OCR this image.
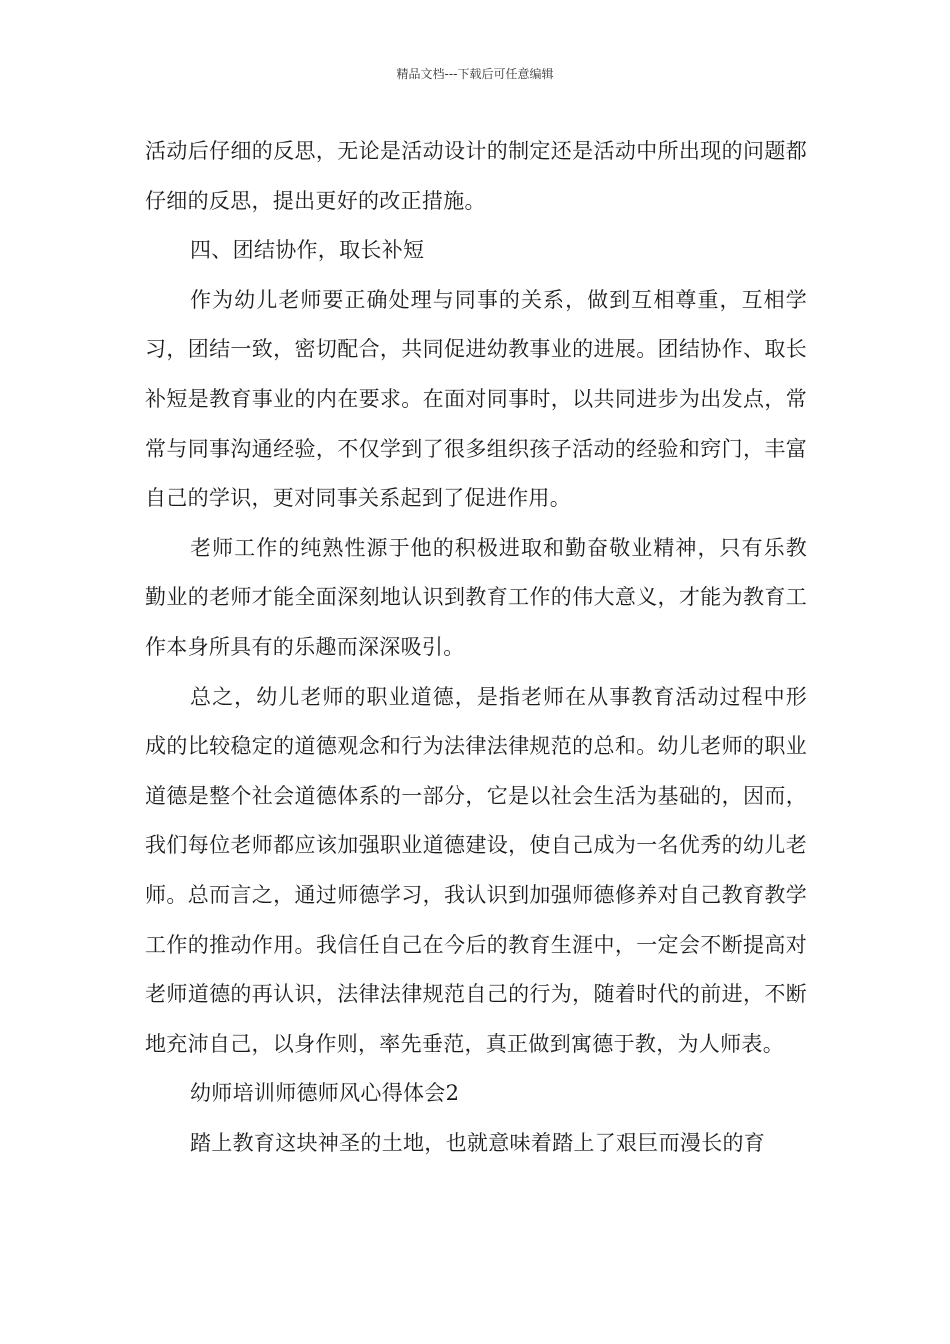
精品文档---下载后可任意编辑

活动后仔细的反思，无论是活动设计的制定还是活动中所出现的问题都仔细的反思，提出更好的改正措施。

四、团结协作，取长补短

作为幼儿老师要正确处理与同事的关系，做到互相尊重，互相学习，团结一致，密切配合，共同促进幼教事业的进展。团结协作、取长补短是教育事业的内在要求。在面对同事时，以共同进步为出发点，常常与同事沟通经验，不仅学到了很多组织孩子活动的经验和窍门，丰富自己的学识，更对同事关系起到了促进作用。

老师工作的纯熟性源于他的积极进取和勤奋敬业精神，只有乐教勤业的老师才能全面深刻地认识到教育工作的伟大意义，才能为教育工作本身所具有的乐趣而深深吸引。

总之，幼儿老师的职业道德，是指老师在从事教育活动过程中形成的比较稳定的道德观念和行为法律法律规范的总和。幼儿老师的职业道德是整个社会道德体系的一部分，它是以社会生活为基础的，因而，我们每位老师都应该加强职业道德建设，使自己成为一名优秀的幼儿老师。总而言之，通过师德学习，我认识到加强师德修养对自己教育教学工作的推动作用。我信任自己在今后的教育生涯中，一定会不断提高对老师道德的再认识，法律法律规范自己的行为，随着时代的前进，不断地充沛自己，以身作则，率先垂范，真正做到寓德于教，为人师表。

幼师培训师德师风心得体会2

踏上教育这块神圣的土地，也就意味着踏上了艰巨而漫长的育
